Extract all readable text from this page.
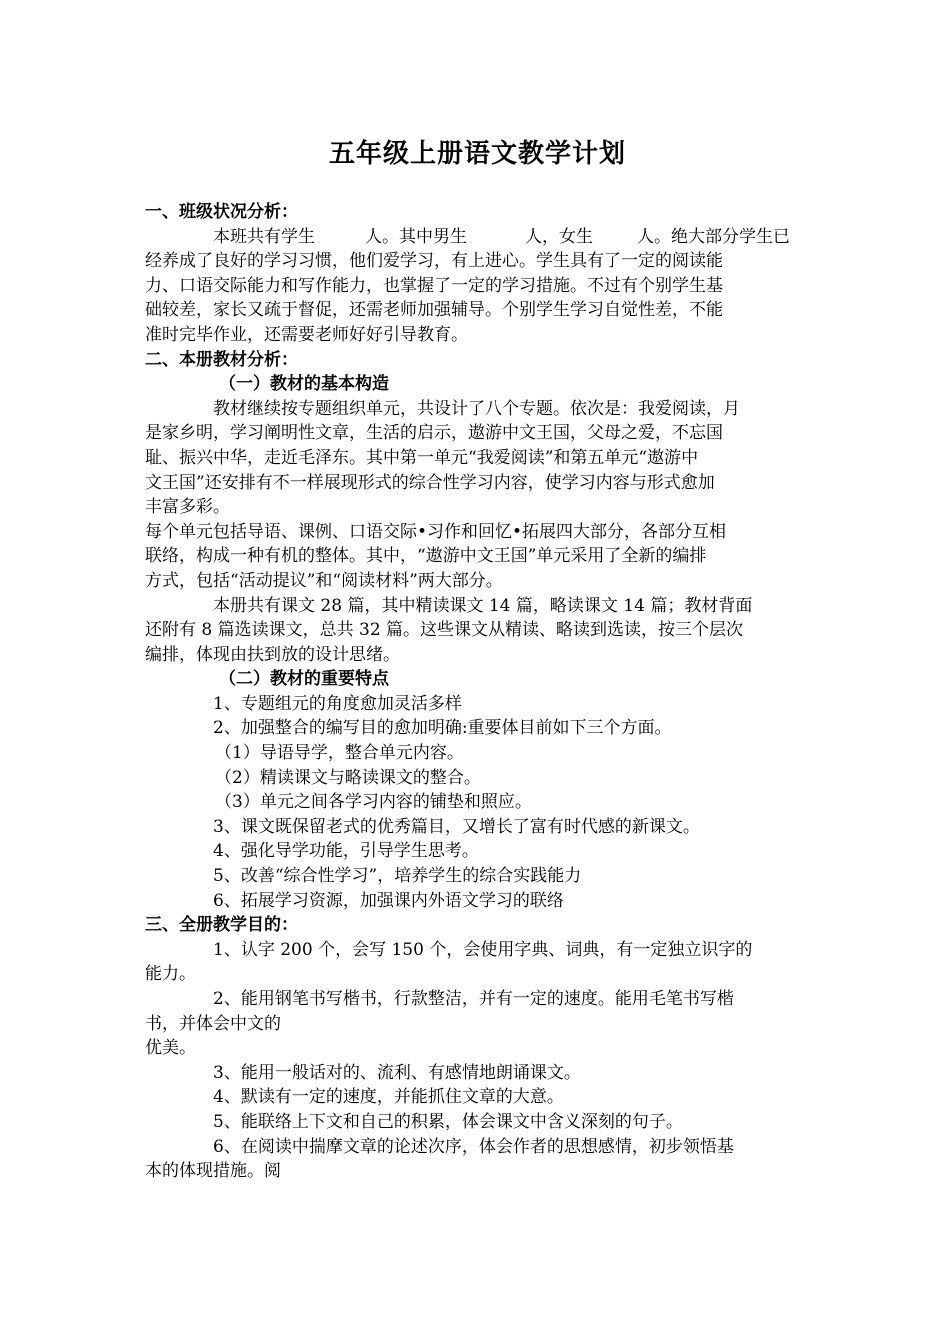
五年级上册语文教学计划
一、班级状况分析：
本班共有学生	人。其中男生	人，女生	人。绝大部分学生已
经养成了良好的学习习惯，他们爱学习，有上进心。学生具有了一定的阅读能
力、口语交际能力和写作能力，也掌握了一定的学习措施。不过有个别学生基
础较差，家长又疏于督促，还需老师加强辅导。个别学生学习自觉性差，不能
准时完毕作业，还需要老师好好引导教育。
二、本册教材分析：
（一）教材的基本构造
教材继续按专题组织单元，共设计了八个专题。依次是：我爱阅读，月
是家乡明，学习阐明性文章，生活的启示，遨游中文王国，父母之爱，不忘国
耻、振兴中华，走近毛泽东。其中第一单元“我爱阅读”和第五单元“遨游中
文王国”还安排有不一样展现形式的综合性学习内容，使学习内容与形式愈加
丰富多彩。
每个单元包括导语、课例、口语交际•习作和回忆•拓展四大部分，各部分互相
联络，构成一种有机的整体。其中，“遨游中文王国”单元采用了全新的编排
方式，包括“活动提议”和“阅读材料”两大部分。
本册共有课文 28 篇，其中精读课文 14 篇，略读课文 14 篇；教材背面
还附有 8 篇选读课文，总共 32 篇。这些课文从精读、略读到选读，按三个层次
编排，体现由扶到放的设计思绪。
（二）教材的重要特点
1、专题组元的角度愈加灵活多样
2、加强整合的编写目的愈加明确:重要体目前如下三个方面。
（1）导语导学，整合单元内容。
（2）精读课文与略读课文的整合。
（3）单元之间各学习内容的铺垫和照应。
3、课文既保留老式的优秀篇目，又增长了富有时代感的新课文。
4、强化导学功能，引导学生思考。
5、改善“综合性学习”，培养学生的综合实践能力
6、拓展学习资源，加强课内外语文学习的联络
三、全册教学目的：
1、认字 200 个，会写 150 个，会使用字典、词典，有一定独立识字的
能力。
2、能用钢笔书写楷书，行款整洁，并有一定的速度。能用毛笔书写楷
书，并体会中文的
优美。
3、能用一般话对的、流利、有感情地朗诵课文。
4、默读有一定的速度，并能抓住文章的大意。
5、能联络上下文和自己的积累，体会课文中含义深刻的句子。
6、在阅读中揣摩文章的论述次序，体会作者的思想感情，初步领悟基
本的体现措施。阅
